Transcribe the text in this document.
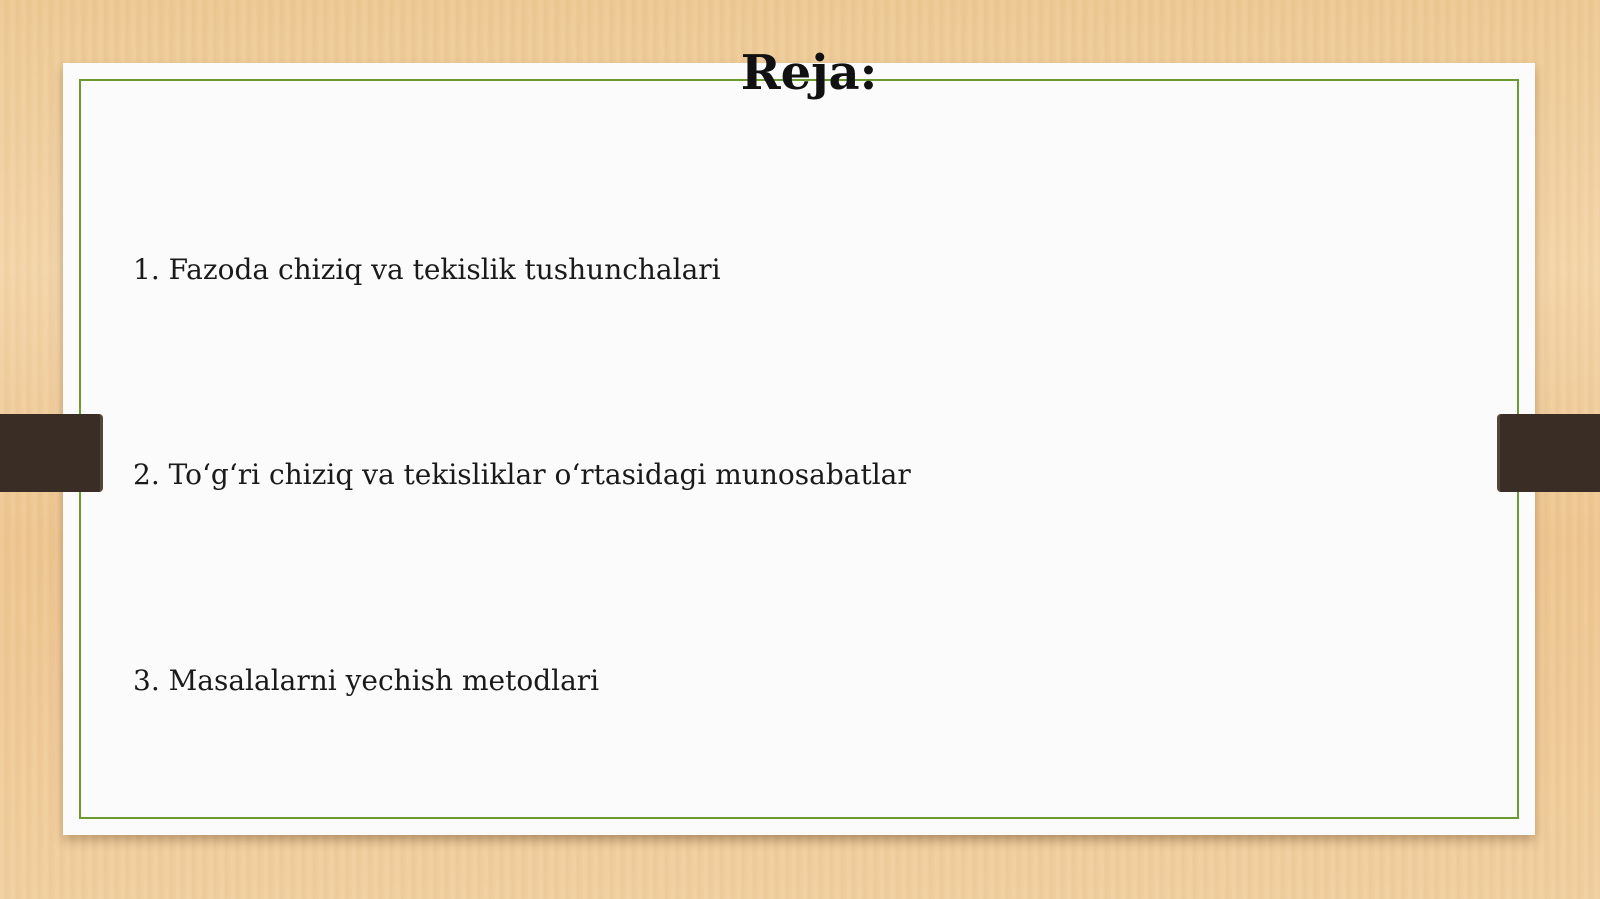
Reja:

1. Fazoda chiziq va tekislik tushunchalari

2. To‘g‘ri chiziq va tekisliklar o‘rtasidagi munosabatlar

3. Masalalarni yechish metodlari
